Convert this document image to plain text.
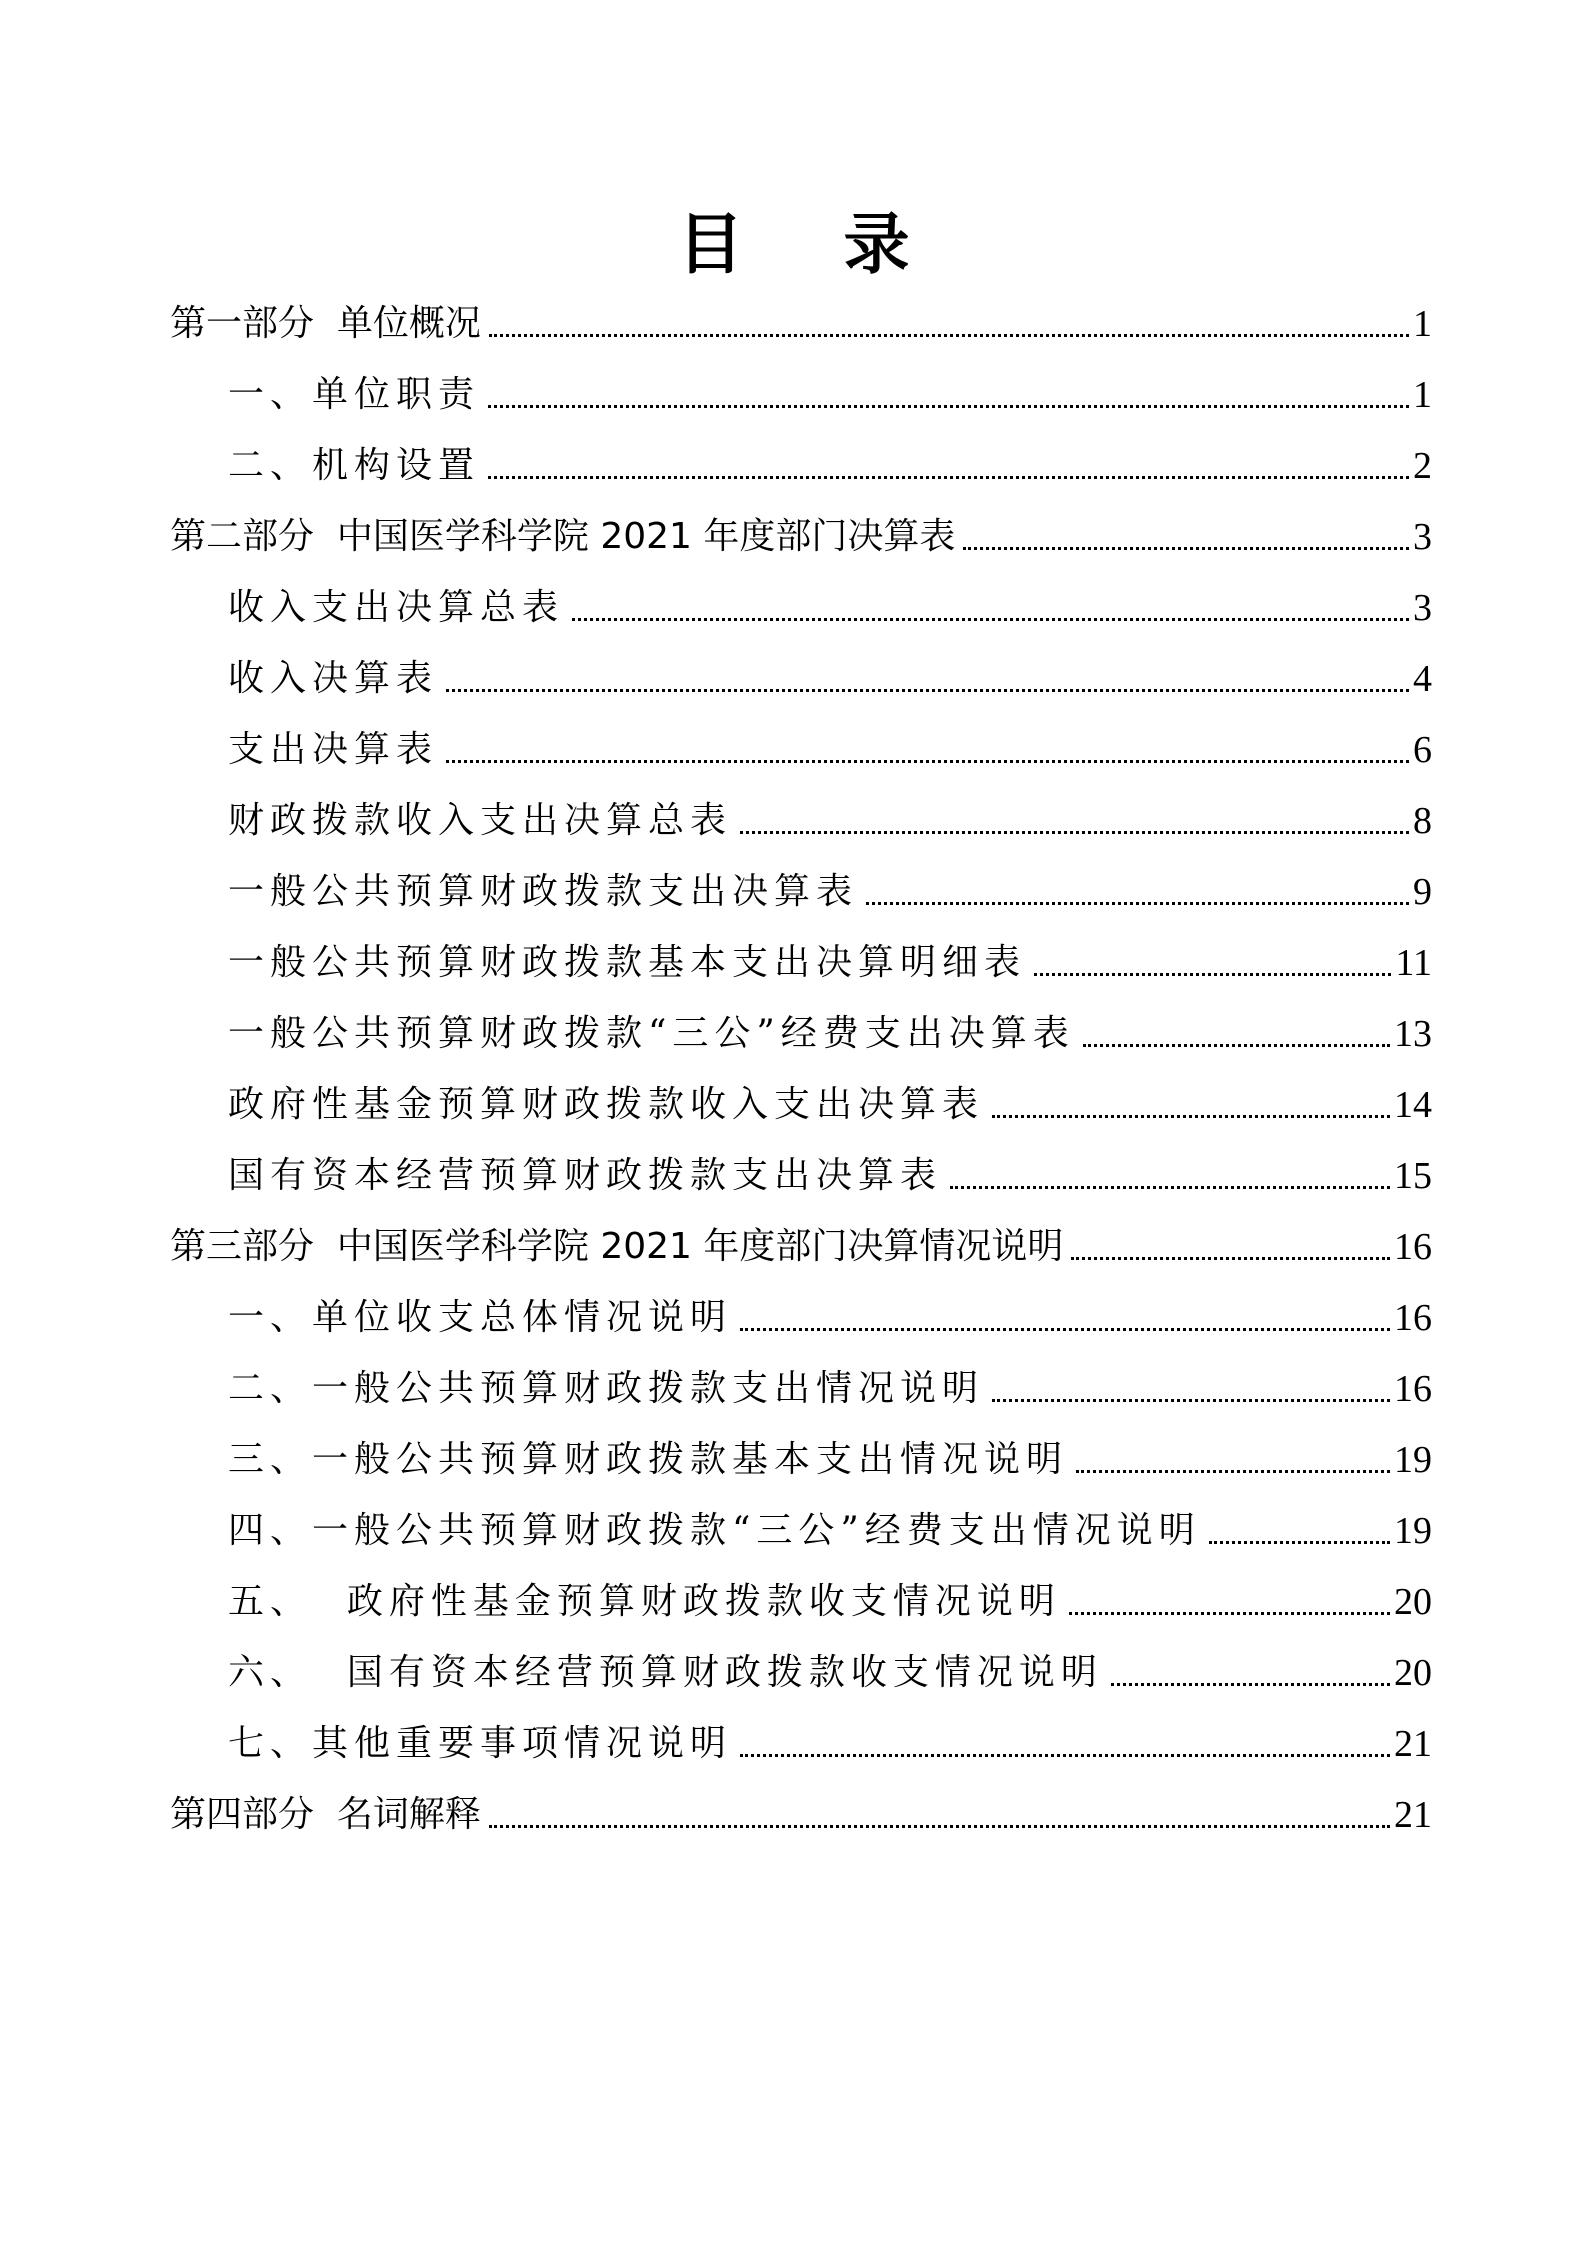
目 录
第一部分  单位概况	1
一、单位职责	1
二、机构设置	2
第二部分  中国医学科学院 2021 年度部门决算表	3
收入支出决算总表	3
收入决算表	4
支出决算表	6
财政拨款收入支出决算总表	8
一般公共预算财政拨款支出决算表	9
一般公共预算财政拨款基本支出决算明细表	11
一般公共预算财政拨款“三公”经费支出决算表	13
政府性基金预算财政拨款收入支出决算表	14
国有资本经营预算财政拨款支出决算表	15
第三部分  中国医学科学院 2021 年度部门决算情况说明	16
一、单位收支总体情况说明	16
二、一般公共预算财政拨款支出情况说明	16
三、一般公共预算财政拨款基本支出情况说明	19
四、一般公共预算财政拨款“三公”经费支出情况说明	19
五、  政府性基金预算财政拨款收支情况说明	20
六、  国有资本经营预算财政拨款收支情况说明	20
七、其他重要事项情况说明	21
第四部分  名词解释	21
